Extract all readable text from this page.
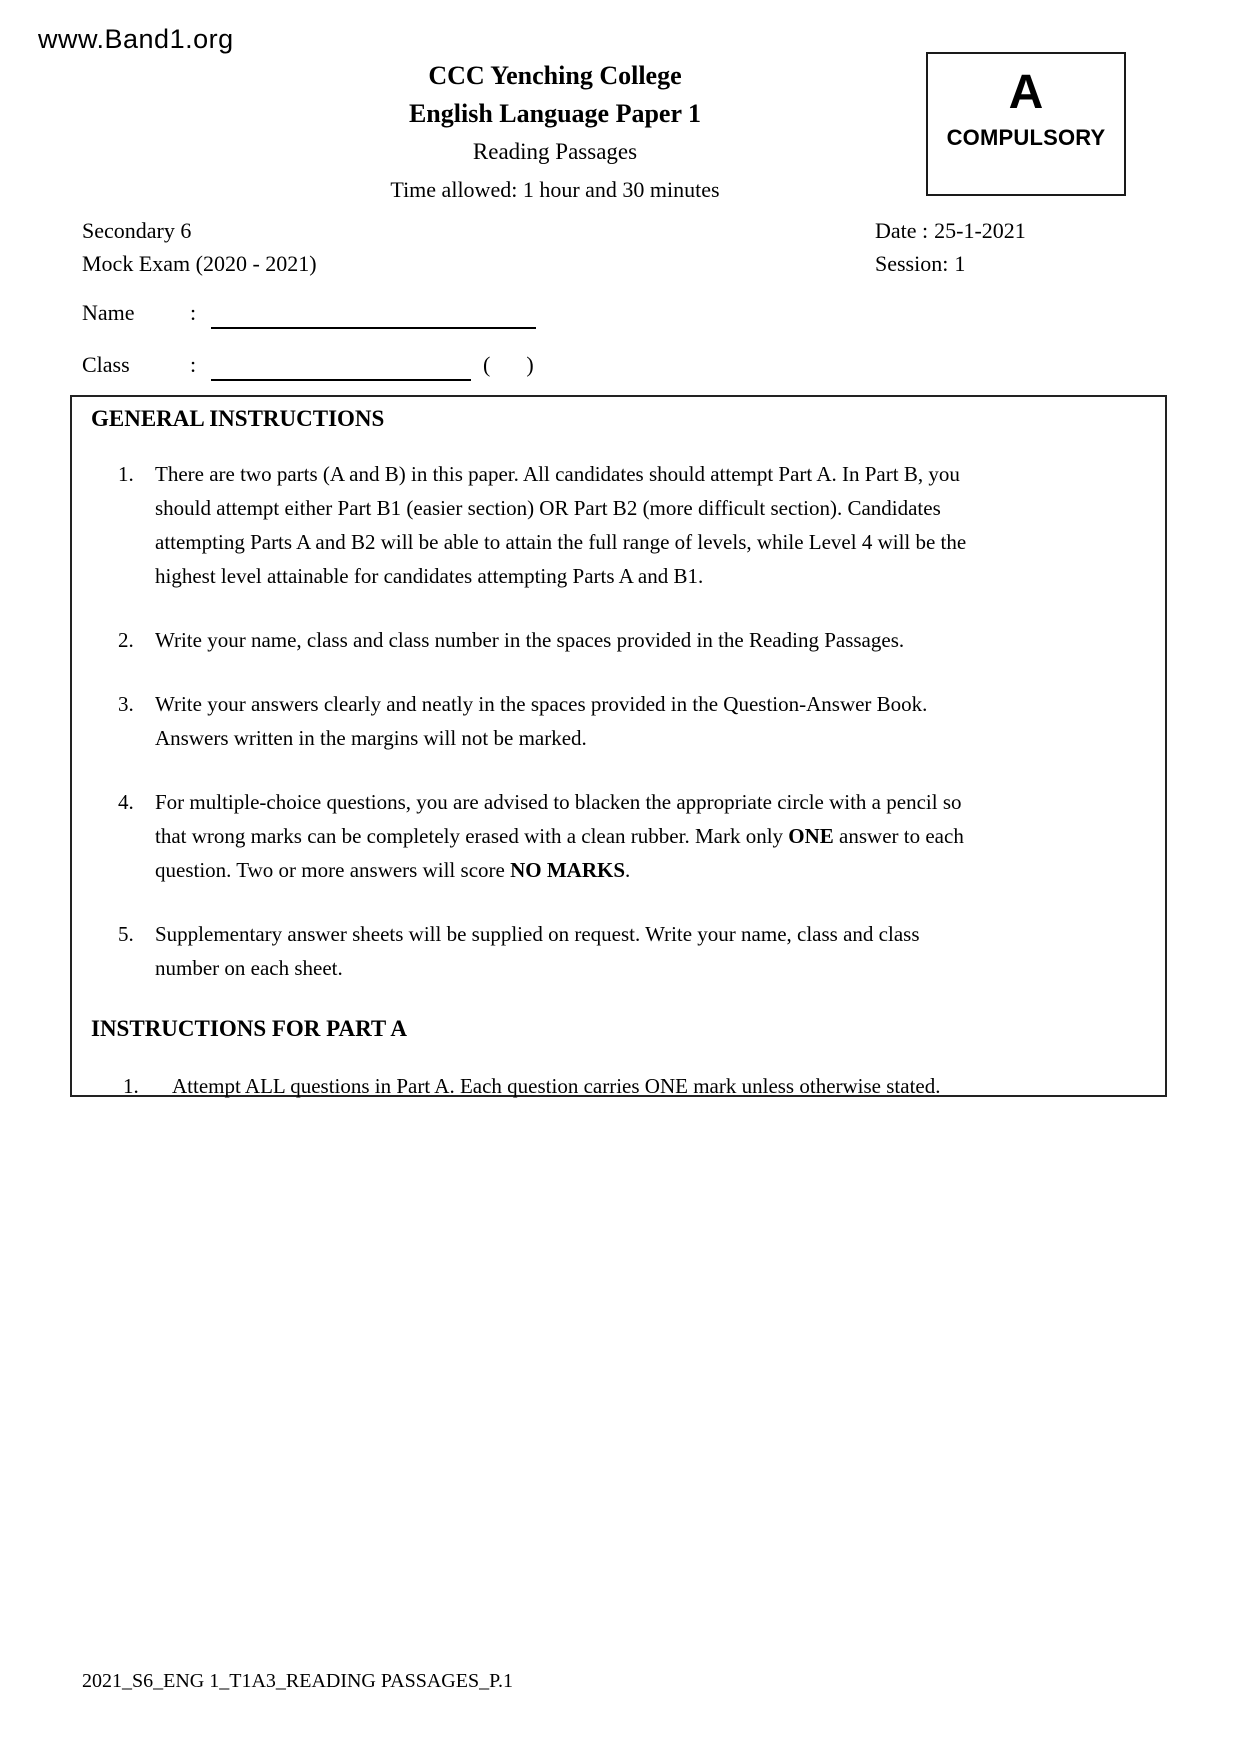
www.Band1.org
CCC Yenching College
English Language Paper 1
Reading Passages
Time allowed: 1 hour and 30 minutes
A
COMPULSORY
Secondary 6
Mock Exam (2020 - 2021)
Date : 25-1-2021
Session: 1
Name	:
Class	:	( )
GENERAL INSTRUCTIONS
1.	There are two parts (A and B) in this paper. All candidates should attempt Part A. In Part B, you
should attempt either Part B1 (easier section) OR Part B2 (more difficult section). Candidates
attempting Parts A and B2 will be able to attain the full range of levels, while Level 4 will be the
highest level attainable for candidates attempting Parts A and B1.
2.	Write your name, class and class number in the spaces provided in the Reading Passages.
3.	Write your answers clearly and neatly in the spaces provided in the Question-Answer Book.
Answers written in the margins will not be marked.
4.	For multiple-choice questions, you are advised to blacken the appropriate circle with a pencil so
that wrong marks can be completely erased with a clean rubber. Mark only ONE answer to each
question. Two or more answers will score NO MARKS.
5.	Supplementary answer sheets will be supplied on request. Write your name, class and class
number on each sheet.
INSTRUCTIONS FOR PART A
1.	Attempt ALL questions in Part A. Each question carries ONE mark unless otherwise stated.
2021_S6_ENG 1_T1A3_READING PASSAGES_P.1
